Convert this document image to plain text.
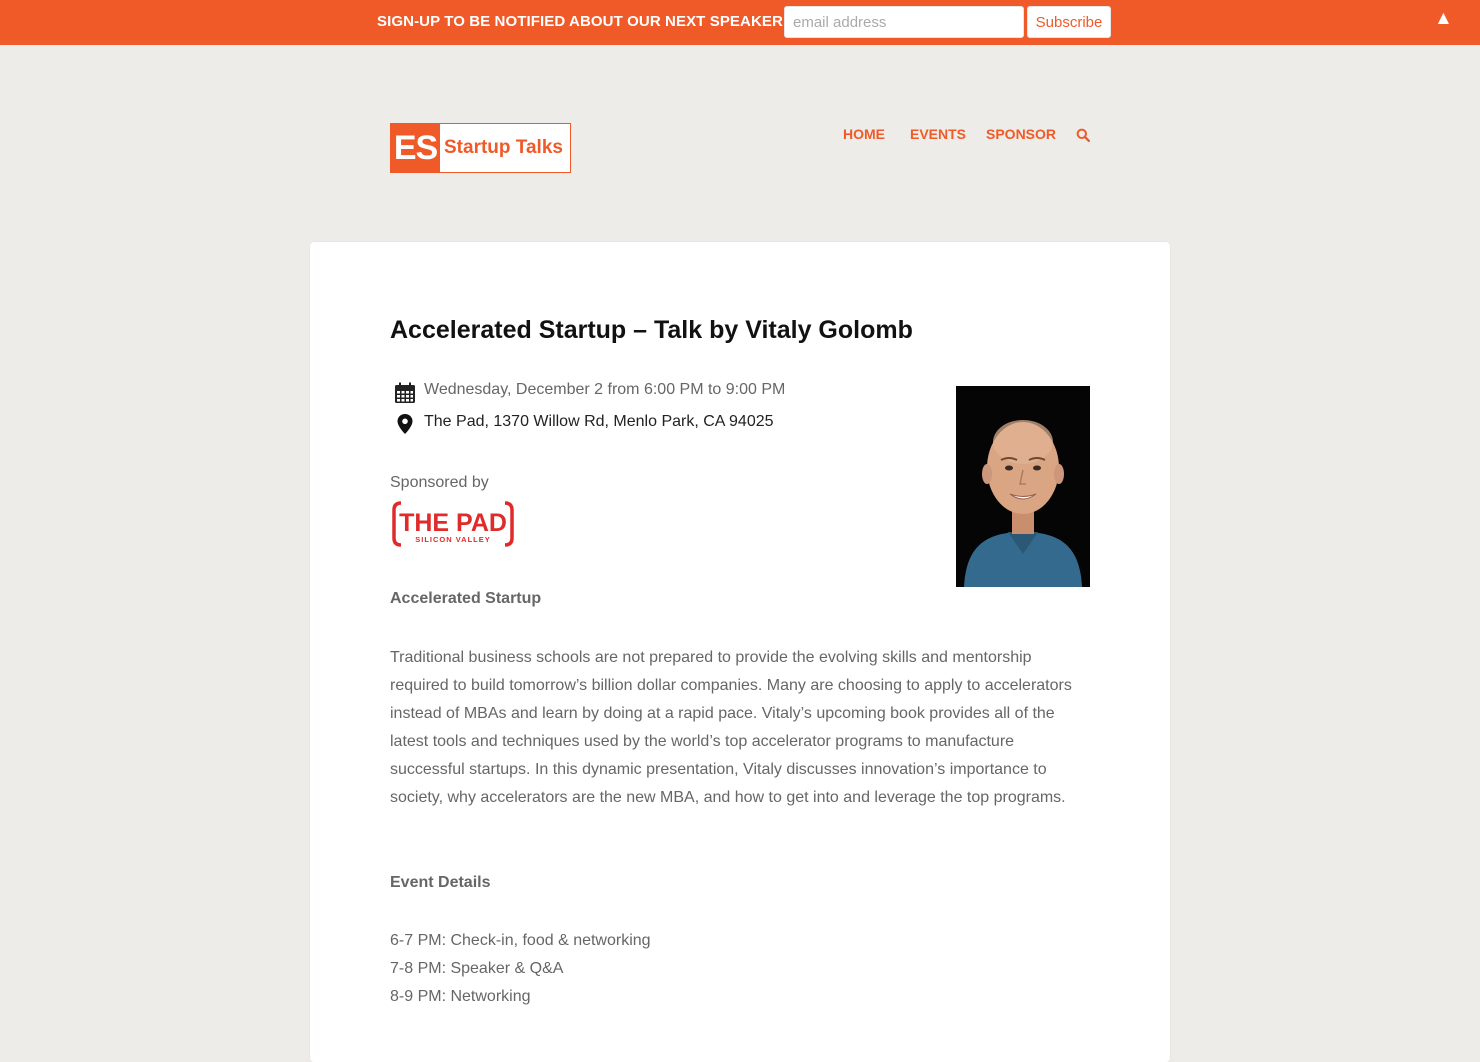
SIGN-UP TO BE NOTIFIED ABOUT OUR NEXT SPEAKER
email address	Subscribe	▲
ES Startup Talks
HOME EVENTS SPONSOR
Accelerated Startup – Talk by Vitaly Golomb
Wednesday, December 2 from 6:00 PM to 9:00 PM
The Pad, 1370 Willow Rd, Menlo Park, CA 94025
Sponsored by
THE PAD
SILICON VALLEY
Accelerated Startup

Traditional business schools are not prepared to provide the evolving skills and mentorship required to build tomorrow’s billion dollar companies. Many are choosing to apply to accelerators instead of MBAs and learn by doing at a rapid pace. Vitaly’s upcoming book provides all of the latest tools and techniques used by the world’s top accelerator programs to manufacture successful startups. In this dynamic presentation, Vitaly discusses innovation’s importance to society, why accelerators are the new MBA, and how to get into and leverage the top programs.

Event Details
6-7 PM: Check-in, food & networking
7-8 PM: Speaker & Q&A
8-9 PM: Networking
